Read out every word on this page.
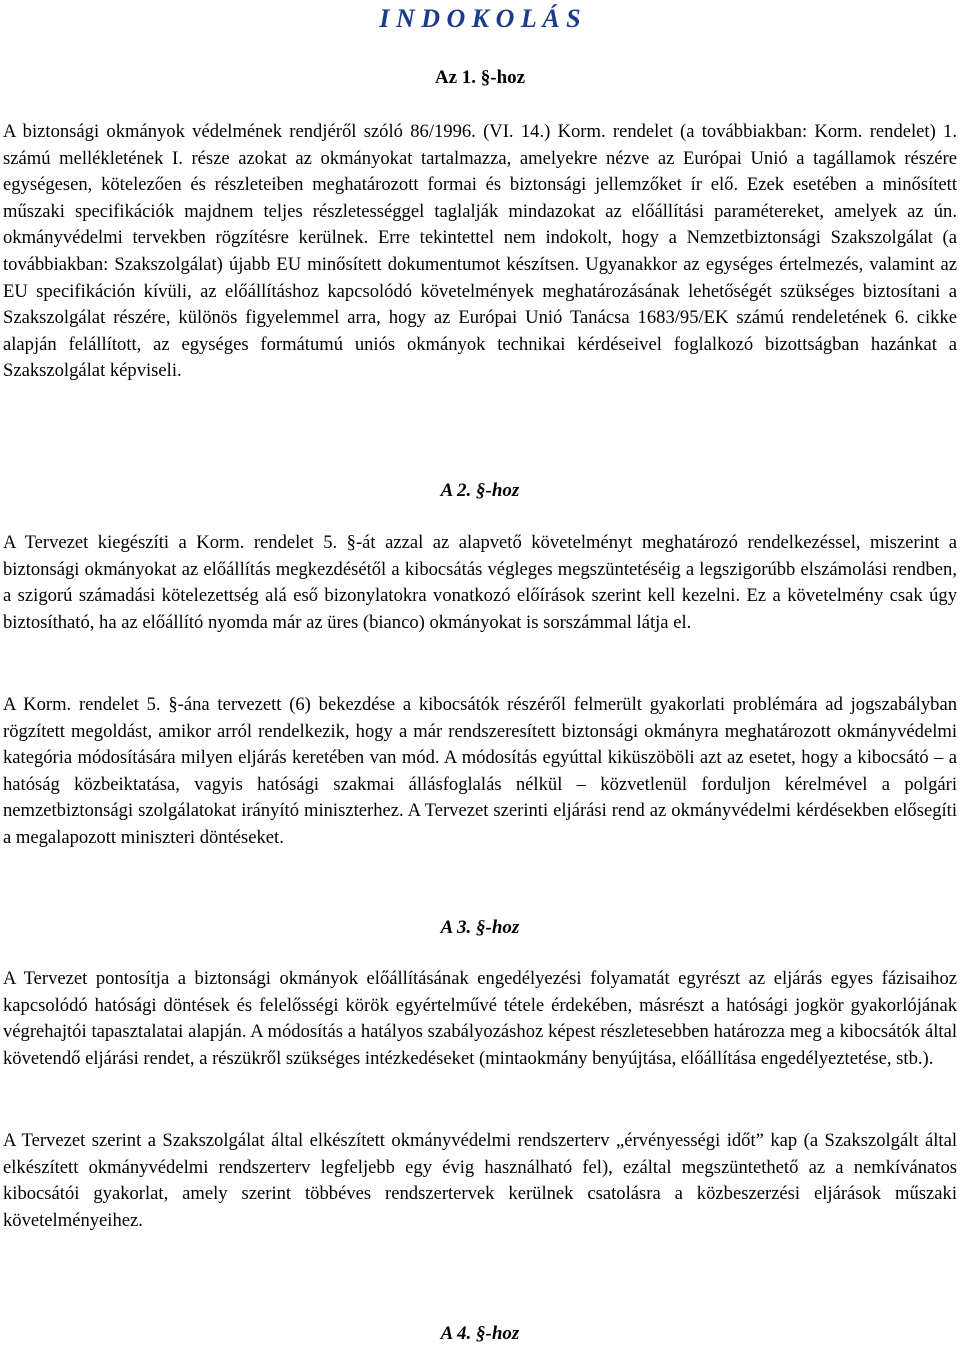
I N D O K O L Á S
Az 1. §-hoz

A biztonsági okmányok védelmének rendjéről szóló 86/1996. (VI. 14.) Korm. rendelet (a továbbiakban: Korm. rendelet) 1. számú mellékletének I. része azokat az okmányokat tartalmazza, amelyekre nézve az Európai Unió a tagállamok részére egységesen, kötelezően és részleteiben meghatározott formai és biztonsági jellemzőket ír elő. Ezek esetében a minősített műszaki specifikációk majdnem teljes részletességgel taglalják mindazokat az előállítási paramétereket, amelyek az ún. okmányvédelmi tervekben rögzítésre kerülnek. Erre tekintettel nem indokolt, hogy a Nemzetbiztonsági Szakszolgálat (a továbbiakban: Szakszolgálat) újabb EU minősített dokumentumot készítsen. Ugyanakkor az egységes értelmezés, valamint az EU specifikáción kívüli, az előállításhoz kapcsolódó követelmények meghatározásának lehetőségét szükséges biztosítani a Szakszolgálat részére, különös figyelemmel arra, hogy az Európai Unió Tanácsa 1683/95/EK számú rendeletének 6. cikke alapján felállított, az egységes formátumú uniós okmányok technikai kérdéseivel foglalkozó bizottságban hazánkat a Szakszolgálat képviseli.

A 2. §-hoz

A Tervezet kiegészíti a Korm. rendelet 5. §-át azzal az alapvető követelményt meghatározó rendelkezéssel, miszerint a biztonsági okmányokat az előállítás megkezdésétől a kibocsátás végleges megszüntetéséig a legszigorúbb elszámolási rendben, a szigorú számadási kötelezettség alá eső bizonylatokra vonatkozó előírások szerint kell kezelni. Ez a követelmény csak úgy biztosítható, ha az előállító nyomda már az üres (bianco) okmányokat is sorszámmal látja el.

A Korm. rendelet 5. §-ána tervezett (6) bekezdése a kibocsátók részéről felmerült gyakorlati problémára ad jogszabályban rögzített megoldást, amikor arról rendelkezik, hogy a már rendszeresített biztonsági okmányra meghatározott okmányvédelmi kategória módosítására milyen eljárás keretében van mód. A módosítás egyúttal kiküszöböli azt az esetet, hogy a kibocsátó – a hatóság közbeiktatása, vagyis hatósági szakmai állásfoglalás nélkül – közvetlenül forduljon kérelmével a polgári nemzetbiztonsági szolgálatokat irányító miniszterhez. A Tervezet szerinti eljárási rend az okmányvédelmi kérdésekben elősegíti a megalapozott miniszteri döntéseket.

A 3. §-hoz

A Tervezet pontosítja a biztonsági okmányok előállításának engedélyezési folyamatát egyrészt az eljárás egyes fázisaihoz kapcsolódó hatósági döntések és felelősségi körök egyértelművé tétele érdekében, másrészt a hatósági jogkör gyakorlójának végrehajtói tapasztalatai alapján. A módosítás a hatályos szabályozáshoz képest részletesebben határozza meg a kibocsátók által követendő eljárási rendet, a részükről szükséges intézkedéseket (mintaokmány benyújtása, előállítása engedélyeztetése, stb.).

A Tervezet szerint a Szakszolgálat által elkészített okmányvédelmi rendszerterv „érvényességi időt” kap (a Szakszolgált által elkészített okmányvédelmi rendszerterv legfeljebb egy évig használható fel), ezáltal megszüntethető az a nemkívánatos kibocsátói gyakorlat, amely szerint többéves rendszertervek kerülnek csatolásra a közbeszerzési eljárások műszaki követelményeihez.

A 4. §-hoz
